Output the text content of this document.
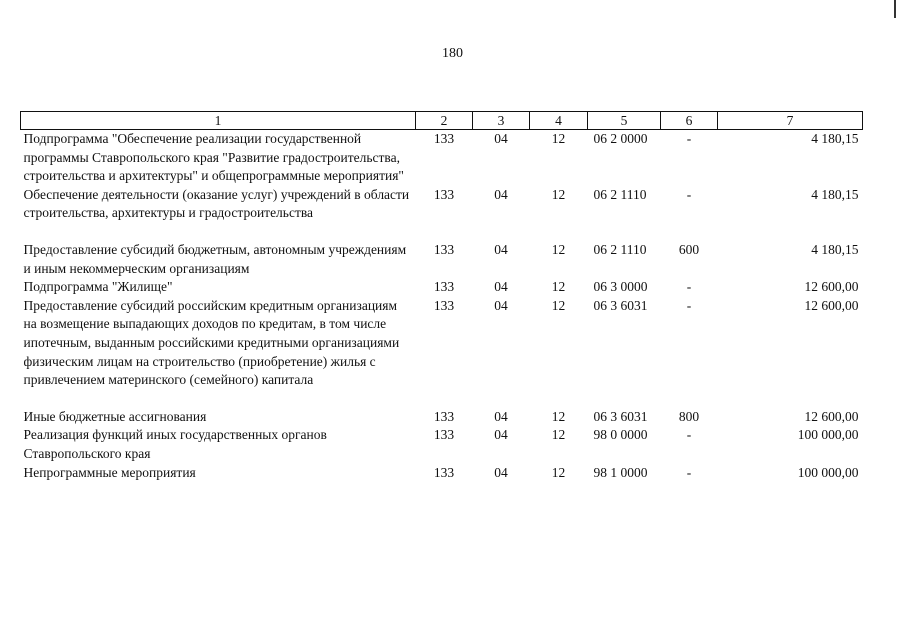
180
1	2	3	4	5	6	7
Подпрограмма "Обеспечение реализации государственной программы Ставропольского края "Развитие градостроительства, строительства и архитектуры" и общепрограммные мероприятия"	133	04	12	06 2 0000	-	4 180,15
Обеспечение деятельности (оказание услуг) учреждений в области строительства, архитектуры и градостроительства	133	04	12	06 2 1110	-	4 180,15
Предоставление субсидий бюджетным, автономным учреждениям и иным некоммерческим организациям	133	04	12	06 2 1110	600	4 180,15
Подпрограмма "Жилище"	133	04	12	06 3 0000	-	12 600,00
Предоставление субсидий российским кредитным организациям на возмещение выпадающих доходов по кредитам, в том числе ипотечным, выданным российскими кредитными организациями физическим лицам на строительство (приобретение) жилья с привлечением материнского (семейного) капитала	133	04	12	06 3 6031	-	12 600,00
Иные бюджетные ассигнования	133	04	12	06 3 6031	800	12 600,00
Реализация функций иных государственных органов Ставропольского края	133	04	12	98 0 0000	-	100 000,00
Непрограммные мероприятия	133	04	12	98 1 0000	-	100 000,00
